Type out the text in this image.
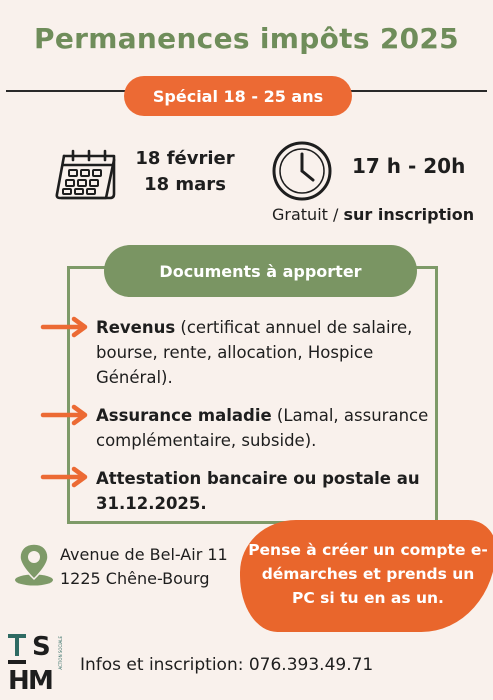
Permanences impôts 2025
Spécial 18 - 25 ans
18 février
18 mars
17 h - 20h
Gratuit / sur inscription
Documents à apporter
Revenus (certificat annuel de salaire, bourse, rente, allocation, Hospice Général).
Assurance maladie (Lamal, assurance complémentaire, subside).
Attestation bancaire ou postale au 31.12.2025.
Avenue de Bel-Air 11
1225 Chêne-Bourg
Pense à créer un compte e-démarches et prends un PC si tu en as un.
S
H
M
ACTION SOCIALE Infos et inscription: 076.393.49.71
